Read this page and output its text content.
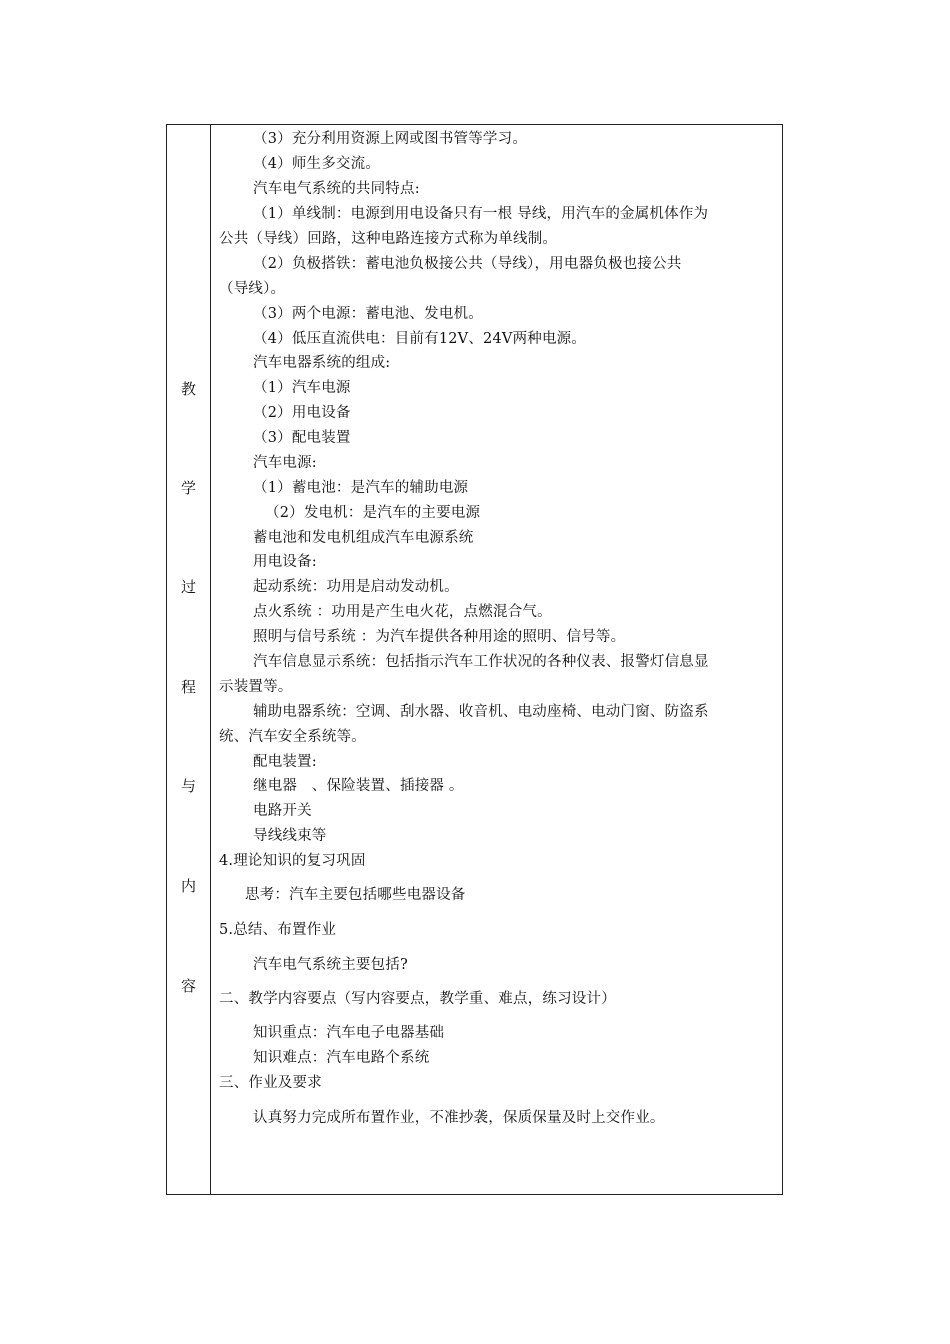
教
学
过
程
与
内
容
（3）充分利用资源上网或图书管等学习。
（4）师生多交流。
汽车电气系统的共同特点:
（1）单线制：电源到用电设备只有一根 导线，用汽车的金属机体作为
公共（导线）回路，这种电路连接方式称为单线制。
（2）负极搭铁：蓄电池负极接公共（导线），用电器负极也接公共
（导线）。
（3）两个电源：蓄电池、发电机。
（4）低压直流供电：目前有12V、24V两种电源。
汽车电器系统的组成:
（1）汽车电源
（2）用电设备
（3）配电装置
汽车电源:
（1）蓄电池：是汽车的辅助电源
（2）发电机：是汽车的主要电源
蓄电池和发电机组成汽车电源系统
用电设备:
起动系统：功用是启动发动机。
点火系统 ：功用是产生电火花，点燃混合气。
照明与信号系统 ：为汽车提供各种用途的照明、信号等。
汽车信息显示系统：包括指示汽车工作状况的各种仪表、报警灯信息显
示装置等。
辅助电器系统：空调、刮水器、收音机、电动座椅、电动门窗、防盗系
统、汽车安全系统等。
配电装置:
继电器　、保险装置、插接器 。
电路开关
导线线束等
4.理论知识的复习巩固
思考：汽车主要包括哪些电器设备
5.总结、布置作业
汽车电气系统主要包括?
二、教学内容要点（写内容要点，教学重、难点，练习设计）
知识重点：汽车电子电器基础
知识难点：汽车电路个系统
三、作业及要求
认真努力完成所布置作业，不准抄袭，保质保量及时上交作业。
